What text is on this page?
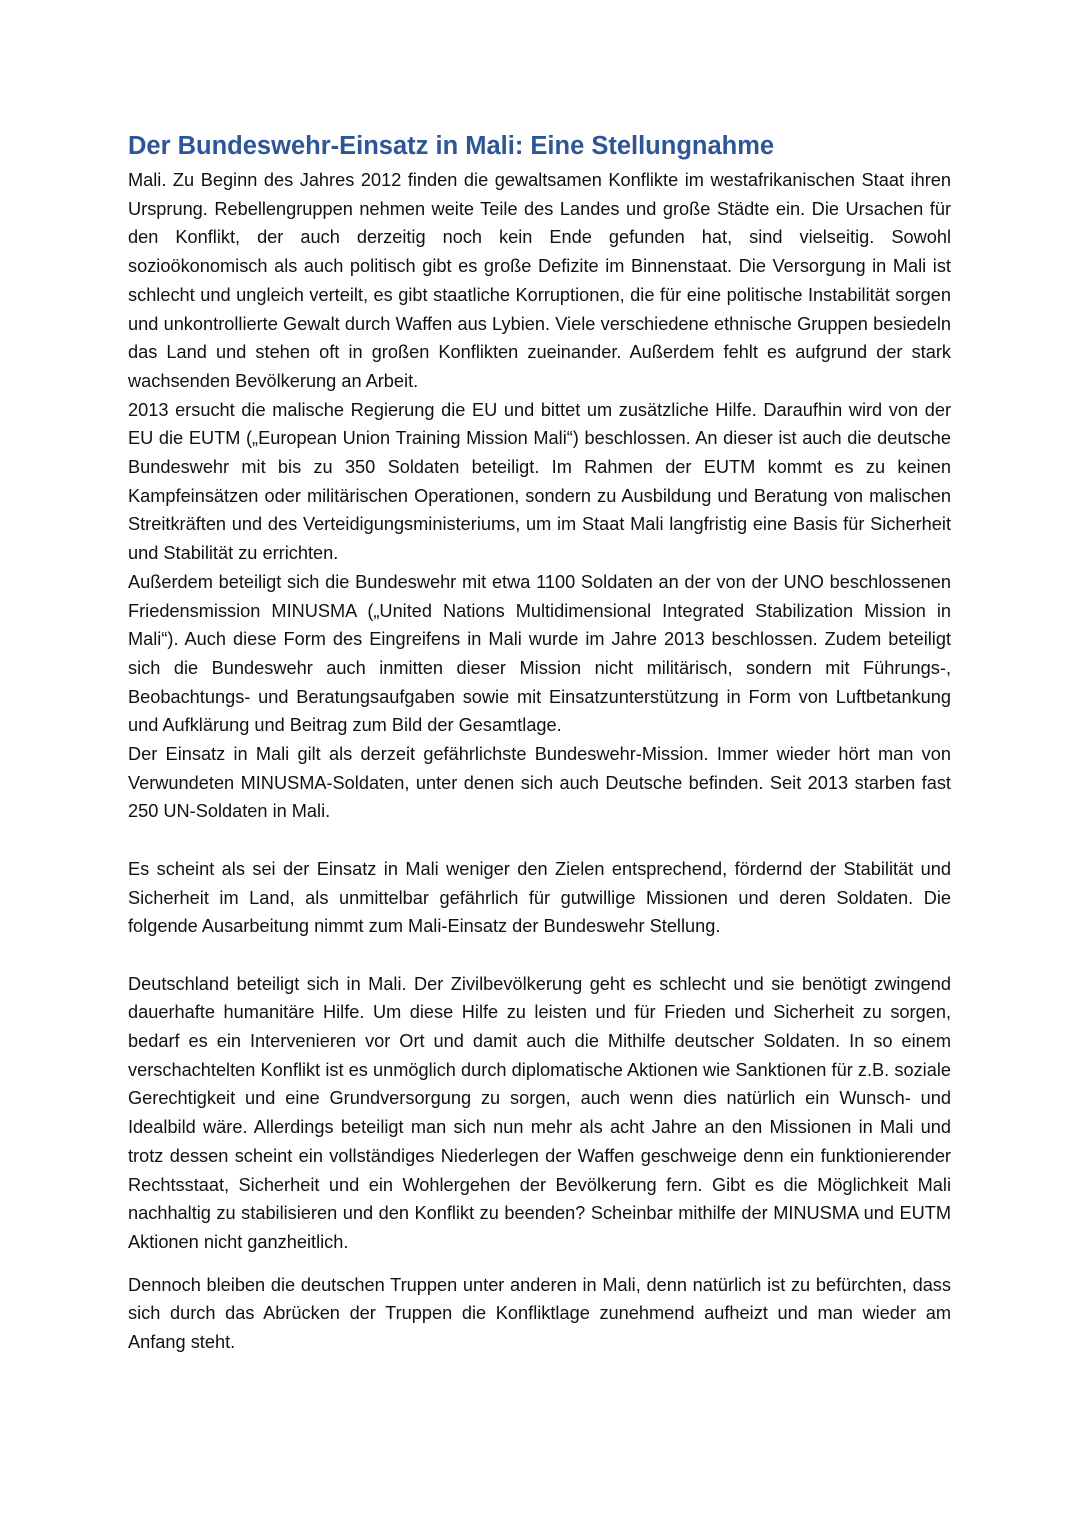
Der Bundeswehr-Einsatz in Mali: Eine Stellungnahme

Mali. Zu Beginn des Jahres 2012 finden die gewaltsamen Konflikte im westafrikanischen Staat ihren Ursprung. Rebellengruppen nehmen weite Teile des Landes und große Städte ein. Die Ursachen für den Konflikt, der auch derzeitig noch kein Ende gefunden hat, sind vielseitig. Sowohl sozioökonomisch als auch politisch gibt es große Defizite im Binnenstaat. Die Versorgung in Mali ist schlecht und ungleich verteilt, es gibt staatliche Korruptionen, die für eine politische Instabilität sorgen und unkontrollierte Gewalt durch Waffen aus Lybien. Viele verschiedene ethnische Gruppen besiedeln das Land und stehen oft in großen Konflikten zueinander. Außerdem fehlt es aufgrund der stark wachsenden Bevölkerung an Arbeit.

2013 ersucht die malische Regierung die EU und bittet um zusätzliche Hilfe. Daraufhin wird von der EU die EUTM („European Union Training Mission Mali“) beschlossen. An dieser ist auch die deutsche Bundeswehr mit bis zu 350 Soldaten beteiligt. Im Rahmen der EUTM kommt es zu keinen Kampfeinsätzen oder militärischen Operationen, sondern zu Ausbildung und Beratung von malischen Streitkräften und des Verteidigungsministeriums, um im Staat Mali langfristig eine Basis für Sicherheit und Stabilität zu errichten.

Außerdem beteiligt sich die Bundeswehr mit etwa 1100 Soldaten an der von der UNO beschlossenen Friedensmission MINUSMA („United Nations Multidimensional Integrated Stabilization Mission in Mali“). Auch diese Form des Eingreifens in Mali wurde im Jahre 2013 beschlossen. Zudem beteiligt sich die Bundeswehr auch inmitten dieser Mission nicht militärisch, sondern mit Führungs-, Beobachtungs- und Beratungsaufgaben sowie mit Einsatzunterstützung in Form von Luftbetankung und Aufklärung und Beitrag zum Bild der Gesamtlage.

Der Einsatz in Mali gilt als derzeit gefährlichste Bundeswehr-Mission. Immer wieder hört man von Verwundeten MINUSMA-Soldaten, unter denen sich auch Deutsche befinden. Seit 2013 starben fast 250 UN-Soldaten in Mali.

Es scheint als sei der Einsatz in Mali weniger den Zielen entsprechend, fördernd der Stabilität und Sicherheit im Land, als unmittelbar gefährlich für gutwillige Missionen und deren Soldaten. Die folgende Ausarbeitung nimmt zum Mali-Einsatz der Bundeswehr Stellung.

Deutschland beteiligt sich in Mali. Der Zivilbevölkerung geht es schlecht und sie benötigt zwingend dauerhafte humanitäre Hilfe. Um diese Hilfe zu leisten und für Frieden und Sicherheit zu sorgen, bedarf es ein Intervenieren vor Ort und damit auch die Mithilfe deutscher Soldaten. In so einem verschachtelten Konflikt ist es unmöglich durch diplomatische Aktionen wie Sanktionen für z.B. soziale Gerechtigkeit und eine Grundversorgung zu sorgen, auch wenn dies natürlich ein Wunsch- und Idealbild wäre. Allerdings beteiligt man sich nun mehr als acht Jahre an den Missionen in Mali und trotz dessen scheint ein vollständiges Niederlegen der Waffen geschweige denn ein funktionierender Rechtsstaat, Sicherheit und ein Wohlergehen der Bevölkerung fern. Gibt es die Möglichkeit Mali nachhaltig zu stabilisieren und den Konflikt zu beenden? Scheinbar mithilfe der MINUSMA und EUTM Aktionen nicht ganzheitlich.

Dennoch bleiben die deutschen Truppen unter anderen in Mali, denn natürlich ist zu befürchten, dass sich durch das Abrücken der Truppen die Konfliktlage zunehmend aufheizt und man wieder am Anfang steht.
